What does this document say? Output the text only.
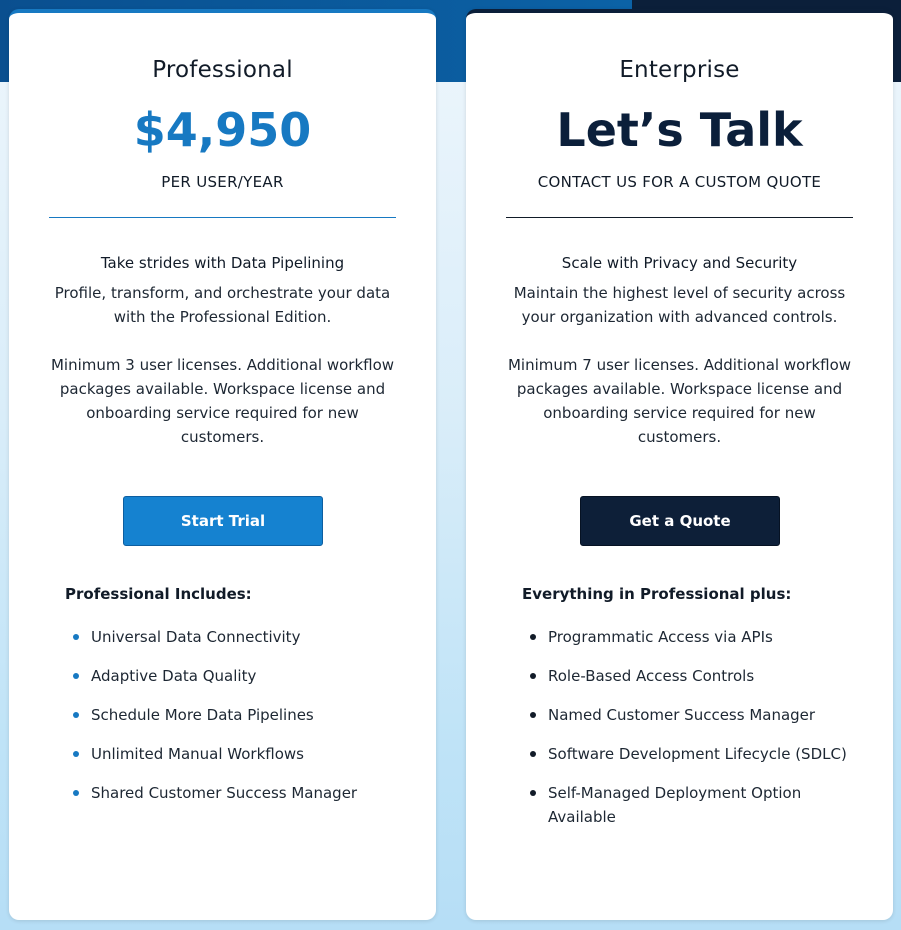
Professional
$4,950
PER USER/YEAR
Take strides with Data Pipelining
Profile, transform, and orchestrate your data with the Professional Edition.
Minimum 3 user licenses. Additional workflow packages available. Workspace license and onboarding service required for new customers.
Start Trial
Professional Includes:
Universal Data Connectivity
Adaptive Data Quality
Schedule More Data Pipelines
Unlimited Manual Workflows
Shared Customer Success Manager
Enterprise
Let’s Talk
CONTACT US FOR A CUSTOM QUOTE
Scale with Privacy and Security
Maintain the highest level of security across your organization with advanced controls.
Minimum 7 user licenses. Additional workflow packages available. Workspace license and onboarding service required for new customers.
Get a Quote
Everything in Professional plus:
Programmatic Access via APIs
Role-Based Access Controls
Named Customer Success Manager
Software Development Lifecycle (SDLC)
Self-Managed Deployment Option Available
